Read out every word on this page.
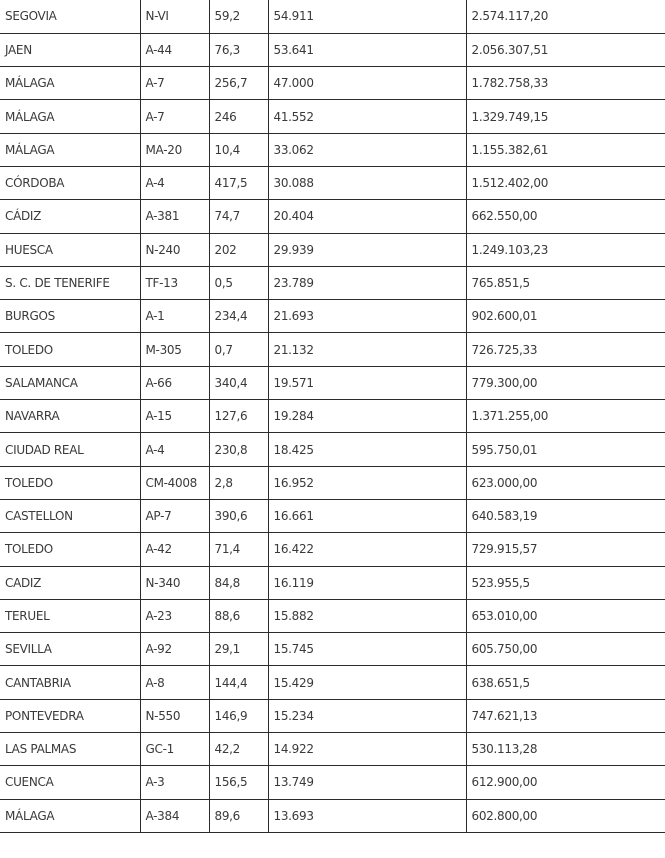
SEGOVIA	N-VI	59,2	54.911	2.574.117,20
JAEN	A-44	76,3	53.641	2.056.307,51
MÁLAGA	A-7	256,7	47.000	1.782.758,33
MÁLAGA	A-7	246	41.552	1.329.749,15
MÁLAGA	MA-20	10,4	33.062	1.155.382,61
CÓRDOBA	A-4	417,5	30.088	1.512.402,00
CÁDIZ	A-381	74,7	20.404	662.550,00
HUESCA	N-240	202	29.939	1.249.103,23
S. C. DE TENERIFE	TF-13	0,5	23.789	765.851,5
BURGOS	A-1	234,4	21.693	902.600,01
TOLEDO	M-305	0,7	21.132	726.725,33
SALAMANCA	A-66	340,4	19.571	779.300,00
NAVARRA	A-15	127,6	19.284	1.371.255,00
CIUDAD REAL	A-4	230,8	18.425	595.750,01
TOLEDO	CM-4008	2,8	16.952	623.000,00
CASTELLON	AP-7	390,6	16.661	640.583,19
TOLEDO	A-42	71,4	16.422	729.915,57
CADIZ	N-340	84,8	16.119	523.955,5
TERUEL	A-23	88,6	15.882	653.010,00
SEVILLA	A-92	29,1	15.745	605.750,00
CANTABRIA	A-8	144,4	15.429	638.651,5
PONTEVEDRA	N-550	146,9	15.234	747.621,13
LAS PALMAS	GC-1	42,2	14.922	530.113,28
CUENCA	A-3	156,5	13.749	612.900,00
MÁLAGA	A-384	89,6	13.693	602.800,00
